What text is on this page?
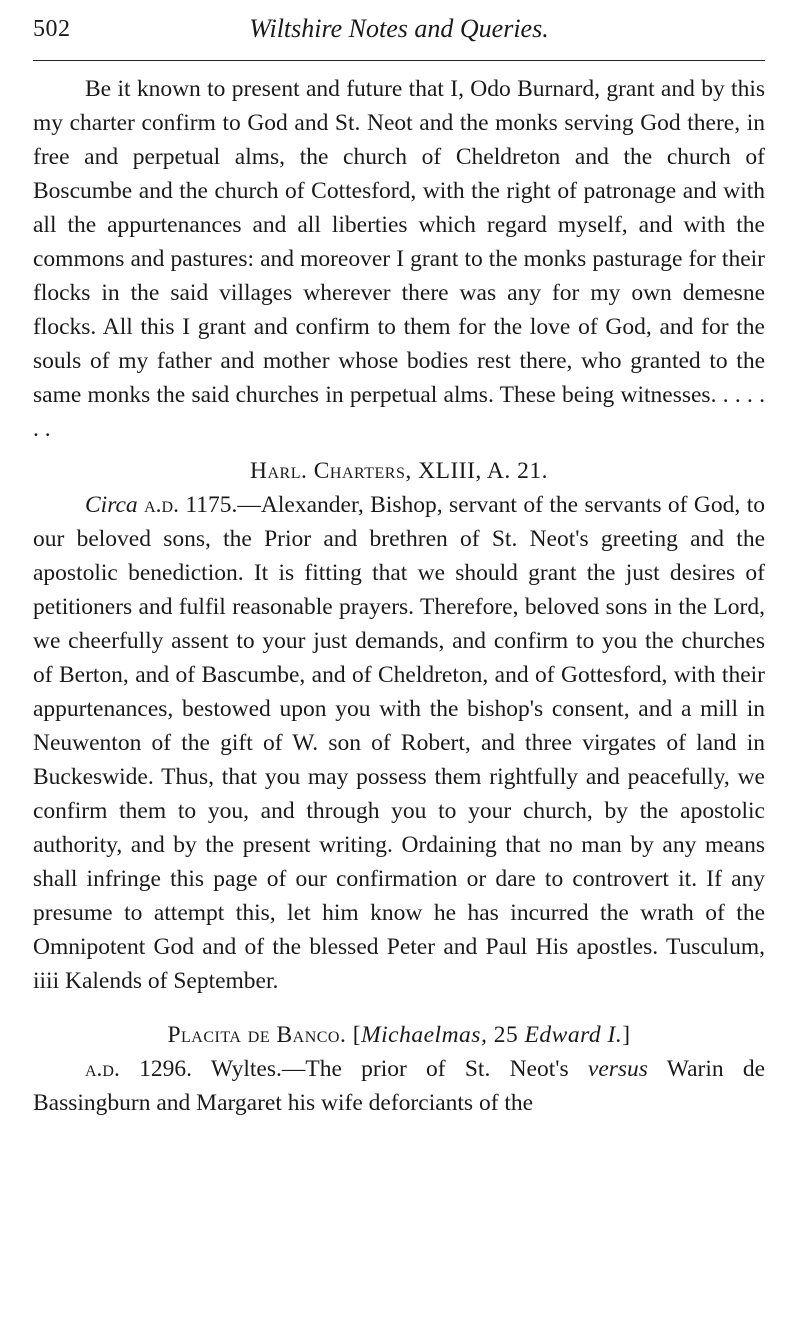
502	Wiltshire Notes and Queries.

Be it known to present and future that I, Odo Burnard, grant and by this my charter confirm to God and St. Neot and the monks serving God there, in free and perpetual alms, the church of Cheldreton and the church of Boscumbe and the church of Cottesford, with the right of patronage and with all the appurtenances and all liberties which regard myself, and with the commons and pastures: and moreover I grant to the monks pasturage for their flocks in the said villages wherever there was any for my own demesne flocks. All this I grant and confirm to them for the love of God, and for the souls of my father and mother whose bodies rest there, who granted to the same monks the said churches in perpetual alms. These being witnesses. . . . . . .

Harl. Charters, XLIII, A. 21.

Circa a.d. 1175.—Alexander, Bishop, servant of the servants of God, to our beloved sons, the Prior and brethren of St. Neot's greeting and the apostolic benediction. It is fitting that we should grant the just desires of petitioners and fulfil reasonable prayers. Therefore, beloved sons in the Lord, we cheerfully assent to your just demands, and confirm to you the churches of Berton, and of Bascumbe, and of Cheldreton, and of Gottesford, with their appurtenances, bestowed upon you with the bishop's consent, and a mill in Neuwenton of the gift of W. son of Robert, and three virgates of land in Buckeswide. Thus, that you may possess them rightfully and peacefully, we confirm them to you, and through you to your church, by the apostolic authority, and by the present writing. Ordaining that no man by any means shall infringe this page of our confirmation or dare to controvert it. If any presume to attempt this, let him know he has incurred the wrath of the Omnipotent God and of the blessed Peter and Paul His apostles. Tusculum, iiii Kalends of September.

Placita de Banco. [Michaelmas, 25 Edward I.]

a.d. 1296. Wyltes.—The prior of St. Neot's versus Warin de Bassingburn and Margaret his wife deforciants of the
